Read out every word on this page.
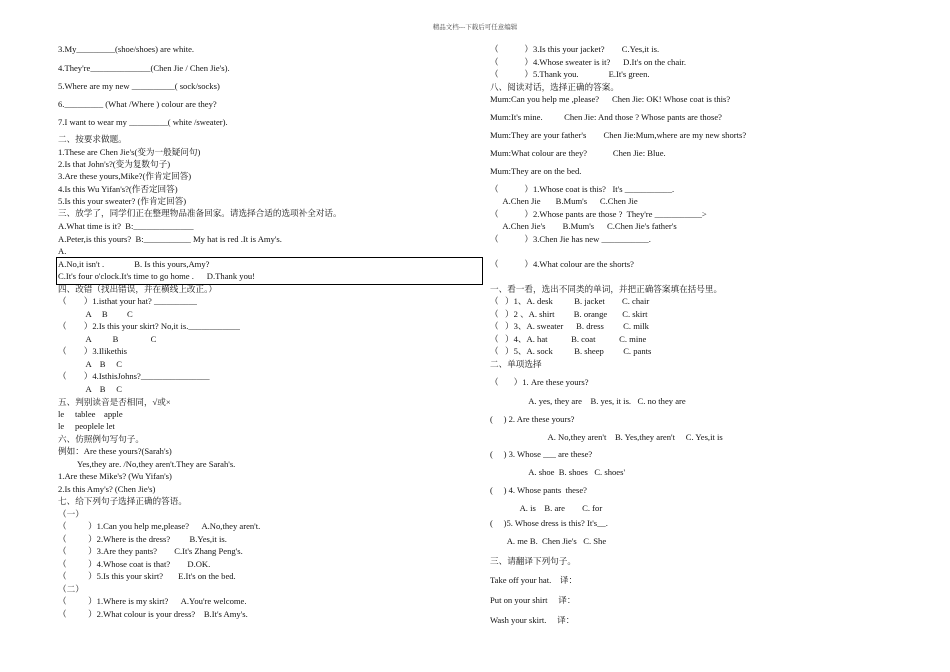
精品文档---下载后可任意编辑
3.My_________(shoe/shoes) are white.
4.They're______________(Chen Jie / Chen Jie's).
5.Where are my new __________( sock/socks)
6._________ (What /Where ) colour are they?
7.I want to wear my _________( white /sweater).
二、按要求做题。
1.These are Chen Jie's(变为一般疑问句)
2.Is that John's?(变为复数句子)
3.Are these yours,Mike?(作肯定回答)
4.Is this Wu Yifan's?(作否定回答)
5.Is this your sweater? (作肯定回答)
三、放学了，同学们正在整理物品准备回家。请选择合适的选项补全对话。
A.What time is it?  B:______________
A.Peter,is this yours?  B:___________ My hat is red .It is Amy's.
A.
A.No,it isn't .              B. Is this yours,Amy?
C.It's four o'clock.It's time to go home .      D.Thank you!
四、改错（找出错误，并在横线上改正。）
（        ）1.isthat your hat? __________
A     B         C
（        ）2.Is this your skirt? No,it is.____________
A          B               C
（        ）3.Ilikethis
A    B     C
（        ）4.IsthisJohns?________________
A    B     C
五、判别读音是否相同，√或×
le     tablee    apple
le     peoplele let
六、仿照例句写句子。
例如：Are these yours?(Sarah's)
Yes,they are. /No,they aren't.They are Sarah's.
1.Are these Mike's? (Wu Yifan's)
2.Is this Amy's? (Chen Jie's)
七、给下列句子选择正确的答语。
（一）
（          ）1.Can you help me,please?      A.No,they aren't.
（          ）2.Where is the dress?         B.Yes,it is.
（          ）3.Are they pants?        C.It's Zhang Peng's.
（          ）4.Whose coat is that?        D.OK.
（          ）5.Is this your skirt?       E.It's on the bed.
（二）
（          ）1.Where is my skirt?      A.You're welcome.
（          ）2.What colour is your dress?    B.It's Amy's.
（            ）3.Is this your jacket?        C.Yes,it is.
（            ）4.Whose sweater is it?      D.It's on the chair.
（            ）5.Thank you.              E.It's green.
八、阅读对话，选择正确的答案。
Mum:Can you help me ,please?      Chen Jie: OK! Whose coat is this?
Mum:It's mine.          Chen Jie: And those ? Whose pants are those?
Mum:They are your father's        Chen Jie:Mum,where are my new shorts?
Mum:What colour are they?            Chen Jie: Blue.
Mum:They are on the bed.
（            ）1.Whose coat is this?   It's ___________.
A.Chen Jie       B.Mum's      C.Chen Jie
（            ）2.Whose pants are those ?  They're ___________>
A.Chen Jie's        B.Mum's      C.Chen Jie's father's
（            ）3.Chen Jie has new ___________.
（            ）4.What colour are the shorts?
一、看一看，选出不同类的单词，并把正确答案填在括号里。
（   ）1、A. desk          B. jacket        C. chair
（   ）2 、A. shirt         B. orange       C. skirt
（   ）3、A. sweater      B. dress         C. milk
（   ）4、A. hat           B. coat           C. mine
（   ）5、A. sock          B. sheep         C. pants
二、单项选择
（       ）1. Are these yours?
A. yes, they are    B. yes, it is.   C. no they are
(     ) 2. Are these yours?
A. No,they aren't    B. Yes,they aren't     C. Yes,it is
(     ) 3. Whose ___ are these?
A. shoe  B. shoes   C. shoes'
(     ) 4. Whose pants  these?
A. is    B. are        C. for
(     )5. Whose dress is this? It's__.
A. me B.  Chen Jie's   C. She
三、请翻译下列句子。
Take off your hat.    译：
Put on your shirt     译：
Wash your skirt.     译：
